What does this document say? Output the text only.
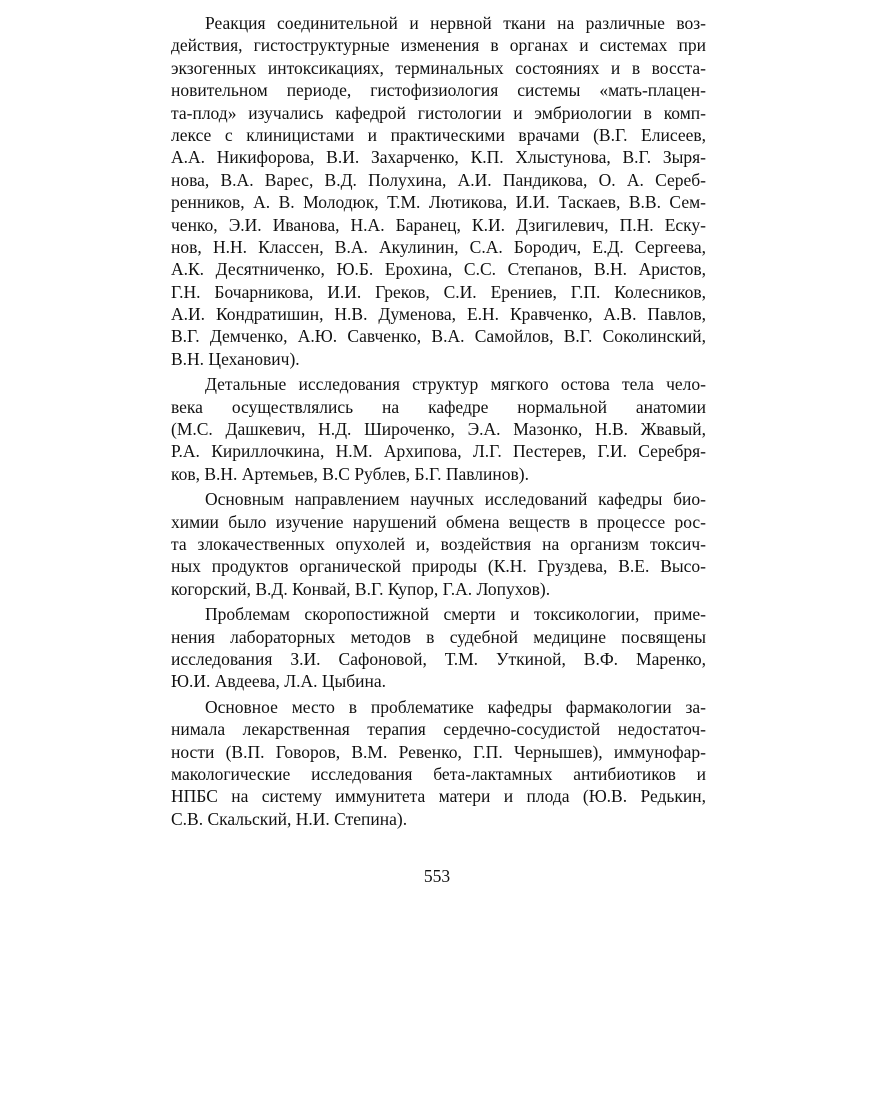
Реакция соединительной и нервной ткани на различные воз-
действия, гистоструктурные изменения в органах и системах при
экзогенных интоксикациях, терминальных состояниях и в восста-
новительном периоде, гистофизиология системы «мать-плацен-
та-плод» изучались кафедрой гистологии и эмбриологии в комп-
лексе с клиницистами и практическими врачами (В.Г. Елисеев,
А.А. Никифорова, В.И. Захарченко, К.П. Хлыстунова, В.Г. Зыря-
нова, В.А. Варес, В.Д. Полухина, А.И. Пандикова, О. А. Сереб-
ренников, А. В. Молодюк, Т.М. Лютикова, И.И. Таскаев, В.В. Сем-
ченко, Э.И. Иванова, Н.А. Баранец, К.И. Дзигилевич, П.Н. Еску-
нов, Н.Н. Классен, В.А. Акулинин, С.А. Бородич, Е.Д. Сергеева,
А.К. Десятниченко, Ю.Б. Ерохина, С.С. Степанов, В.Н. Аристов,
Г.Н. Бочарникова, И.И. Греков, С.И. Ерениев, Г.П. Колесников,
А.И. Кондратишин, Н.В. Думенова, Е.Н. Кравченко, А.В. Павлов,
В.Г. Демченко, А.Ю. Савченко, В.А. Самойлов, В.Г. Соколинский,
В.Н. Цеханович).
Детальные исследования структур мягкого остова тела чело-
века осуществлялись на кафедре нормальной анатомии
(М.С. Дашкевич, Н.Д. Широченко, Э.А. Мазонко, Н.В. Жвавый,
Р.А. Кириллочкина, Н.М. Архипова, Л.Г. Пестерев, Г.И. Серебря-
ков, В.Н. Артемьев, В.С Рублев, Б.Г. Павлинов).
Основным направлением научных исследований кафедры био-
химии было изучение нарушений обмена веществ в процессе рос-
та злокачественных опухолей и, воздействия на организм токсич-
ных продуктов органической природы (К.Н. Груздева, В.Е. Высо-
когорский, В.Д. Конвай, В.Г. Купор, Г.А. Лопухов).
Проблемам скоропостижной смерти и токсикологии, приме-
нения лабораторных методов в судебной медицине посвящены
исследования З.И. Сафоновой, Т.М. Уткиной, В.Ф. Маренко,
Ю.И. Авдеева, Л.А. Цыбина.
Основное место в проблематике кафедры фармакологии за-
нимала лекарственная терапия сердечно-сосудистой недостаточ-
ности (В.П. Говоров, В.М. Ревенко, Г.П. Чернышев), иммунофар-
макологические исследования бета-лактамных антибиотиков и
НПБС на систему иммунитета матери и плода (Ю.В. Редькин,
С.В. Скальский, Н.И. Степина).
553
